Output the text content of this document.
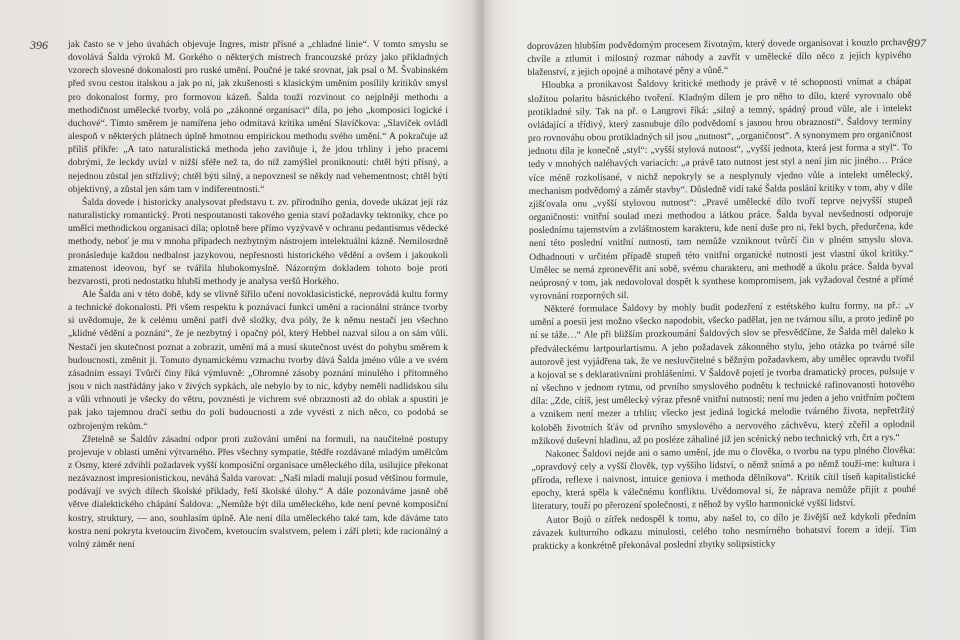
396 jak často se v jeho úvahách objevuje Ingres, mistr přísné a „chladné linie“. V tomto smyslu se dovolává Šalda výroků M. Gorkého o některých mistrech francouzské prózy jako příkladných vzorech slovesné dokonalosti pro ruské umění. Poučné je také srovnat, jak psal o M. Švabinském před svou cestou italskou a jak po ní, jak zkušenosti s klasickým uměním posílily kritikův smysl pro dokonalost formy, pro formovou kázeň. Šalda touží rozvinout co nejplněji methodu a methodičnost umělecké tvorby, volá po „zákonné organisaci“ díla, po jeho „komposici logické i duchové“. Tímto směrem je namířena jeho odmítavá kritika umění Slavíčkova: „Slavíček ovládl alespoň v některých plátnech úplně hmotnou empirickou methodu svého umění.“ A pokračuje až příliš příkře: „A tato naturalistická methoda jeho zaviňuje i, že jdou trhliny i jeho pracemi dobrými, že leckdy uvízl v nižší sféře než ta, do níž zamýšlel proniknouti: chtěl býti přísný, a nejednou zůstal jen střízlivý; chtěl býti silný, a nepovznesl se někdy nad vehementnost; chtěl býti objektivný, a zůstal jen sám tam v indiferentnosti.“

Šalda dovede i historicky analysovat představu t. zv. přírodního genia, dovede ukázat její ráz naturalisticky romantický. Proti nespoutanosti takového genia staví požadavky tektoniky, chce po umělci methodickou organisaci díla; oplotně bere přímo vyzývavě v ochranu pedantismus vědecké methody, neboť je mu v mnoha případech nezbytným nástrojem intelektuální kázně. Nemilosrdně pronásleduje každou nedbalost jazykovou, nepřesnosti historického vědění a ovšem i jakoukoli zmatenost ideovou, byť se tvářila hlubokomyslně. Názorným dokladem tohoto boje proti bezvarosti, proti nedostatku hlubší methody je analysa veršů Horkého.

Ale Šalda ani v této době, kdy se vlivně šířilo učení novoklasicistické, neprovádá kultu formy a technické dokonalosti. Při všem respektu k poznávací funkci umění a racionální stránce tvorby si uvědomuje, že k celému umění patří dvě složky, dva póly, že k němu nestačí jen všechno „klidné vědění a poznání“, že je nezbytný i opačný pól, který Hebbel nazval silou a on sám vůlí. Nestačí jen skutečnost poznat a zobrazit, umění má a musí skutečnost uvést do pohybu směrem k budoucnosti, změnit ji. Tomuto dynamickému vzmachu tvorby dává Šalda jméno vůle a ve svém zásadním essayi Tvůrčí činy říká výmluvně: „Ohromné zásoby poznání minulého i přítomného jsou v nich nastřádány jako v živých sypkách, ale nebylo by to nic, kdyby neměli nadlidskou sílu a vůli vrhnouti je všecky do větru, povznésti je vichrem své obraznosti až do oblak a spustiti je pak jako tajemnou dračí setbu do polí budoucnosti a zde vyvésti z nich něco, co podobá se ozbrojeným rekům.“

Zřetelně se Šaldův zásadní odpor proti zužování umění na formuli, na naučitelné postupy projevuje v oblasti umění výtvarného. Přes všechny sympatie, štědře rozdávané mladým umělcům z Osmy, které zdvihli požadavek vyšší komposiční organisace uměleckého díla, usilujíce překonat nezávaznost impresionistickou, neváhá Šalda varovat: „Naši mladí malují posud většinou formule, podávají ve svých dílech školské příklady, řeší školské úlohy.“ A dále pozonáváme jasně obě větve dialektického chápání Šaldova: „Nemůže být díla uměleckého, kde není pevné komposiční kostry, struktury, — ano, souhlasím úplně. Ale není díla uměleckého také tam, kde dáváme tato kostra není pokryta kvetoucím živočem, kvetoucím svalstvem, pelem i září pleti; kde racionálný a volný záměr není

397

doprovázen hlubším podvědomým procesem životným, který dovede organisovat i kouzlo prchavé chvíle a ztlumit i milostný rozmar náhody a zavřít v umělecké dílo něco z jejích kypivého blaženství, z jejich opojné a mihotavé pěny a vůně.“

Hloubka a pronikavost Šaldovy kritické methody je právě v té schopnosti vnímat a chápat složitou polaritu básnického tvoření. Kladným dílem je pro něho to dílo, které vyrovnalo obě protikladné síly. Tak na př. o Langrovi říká: „silný a temný, spádný proud vůle, ale i intelekt ovládající a třídivý, který zasnubuje dílo podvědomí s jasnou hrou obraznosti“. Šaldovy termíny pro rovnováhu obou protikladných sil jsou „nutnost“, „organičnost“. A synonymem pro organičnost jednotu díla je konečně „styl“: „vyšší stylová nutnost“, „vyšší jednota, která jest forma a styl“. To tedy v mnohých naléhavých variacích: „a právě tato nutnost jest styl a není jím nic jiného… Práce více méně rozkolísané, v nichž nepokryly se a nesplynuly vjedno vůle a intelekt umělecký, mechanism podvědomý a záměr stavby“. Důsledně vidí také Šalda poslání kritiky v tom, aby v díle zjišťovala onu „vyšší stylovou nutnost“: „Pravé umělecké dílo tvoří teprve nejvyšší stupeň organičnosti: vnitřní soulad mezi methodou a látkou práce. Šalda byval nevšednosti odporuje poslednímu tajemstvím a zvláštnostem karakteru, kde není duše pro ni, řekl bych, předurčena, kde není této poslední vnitřní nutnosti, tam nemůže vzniknout tvůrčí čin v plném smyslu slova. Odhadnouti v určitém případě stupeň této vnitřní organické nutnosti jest vlastní úkol kritiky.“ Umělec se nemá zpronevěřit ani sobě, svému charakteru, ani methodě a úkolu práce. Šalda byval neúprosný v tom, jak nedovoloval dospět k synthese kompromisem, jak vyžadoval čestné a přímé vyrovnání rozporných sil.

Některé formulace Šaldovy by mohly budit podezření z estétského kultu formy, na př.: „v umění a poesii jest možno všecko napodobit, všecko padělat, jen ne tvárnou sílu, a proto jedině po ní se táže…“ Ale při bližším prozkoumání Šaldových slov se přesvědčíme, že Šalda měl daleko k předváleckému lartpourlartismu. A jeho požadavek zákonného stylu, jeho otázka po tvárné síle autorově jest vyjádřena tak, že ve nesluvčitelné s běžným požadavkem, aby umělec opravdu tvořil a kojoval se s deklarativními prohlášeními. V Šaldově pojetí je tvorba dramatický proces, pulsuje v ní všechno v jednom rytmu, od prvního smyslového podnětu k technické rafinovanosti hotového díla: „Zde, cítíš, jest umělecký výraz přesně vnitřní nutnosti; není mu jeden a jeho vnitřním počtem a vznikem není mezer a trhlin; všecko jest jediná logická melodie tvárného života, nepřetržitý koloběh životních šťáv od prvního smyslového a nervového záchvěvu, který zčeřil a oplodnil mžikové duševní hladinu, až po posléze záhaliné již jen scénický nebo technický vrh, črt a rys.“

Nakonec Šaldovi nejde ani o samo umění, jde mu o člověka, o tvorbu na typu plného člověka: „opravdový cely a vyšší člověk, typ vyššího lidství, o němž snímá a po němž touží-me: kultura i příroda, reflexe i naivnost, intuice geniova i methoda dělníkova“. Kritik cítil tíseň kapitalistické epochy, která spěla k válečnému konfliktu. Uvědomoval si, že náprava nemůže přijít z pouhé literatury, touží po přerození společnosti, z něhož by vyšlo harmonické vyšší lidství.

Autor Bojů o zítřek nedospěl k tomu, aby našel to, co dílo je živější než kdykoli předním závazek kulturního odkazu minulosti, celého toho nesmírného bohatství forem a idejí. Tím prakticky a konkrétně překonával poslední zbytky solipsisticky
